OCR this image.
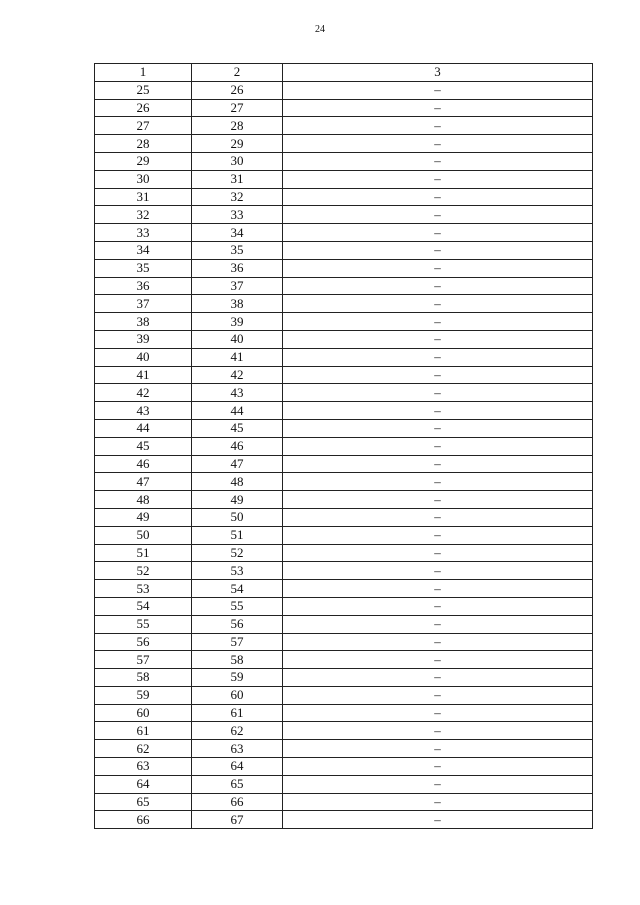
24
1	2	3
25	26	–
26	27	–
27	28	–
28	29	–
29	30	–
30	31	–
31	32	–
32	33	–
33	34	–
34	35	–
35	36	–
36	37	–
37	38	–
38	39	–
39	40	–
40	41	–
41	42	–
42	43	–
43	44	–
44	45	–
45	46	–
46	47	–
47	48	–
48	49	–
49	50	–
50	51	–
51	52	–
52	53	–
53	54	–
54	55	–
55	56	–
56	57	–
57	58	–
58	59	–
59	60	–
60	61	–
61	62	–
62	63	–
63	64	–
64	65	–
65	66	–
66	67	–
